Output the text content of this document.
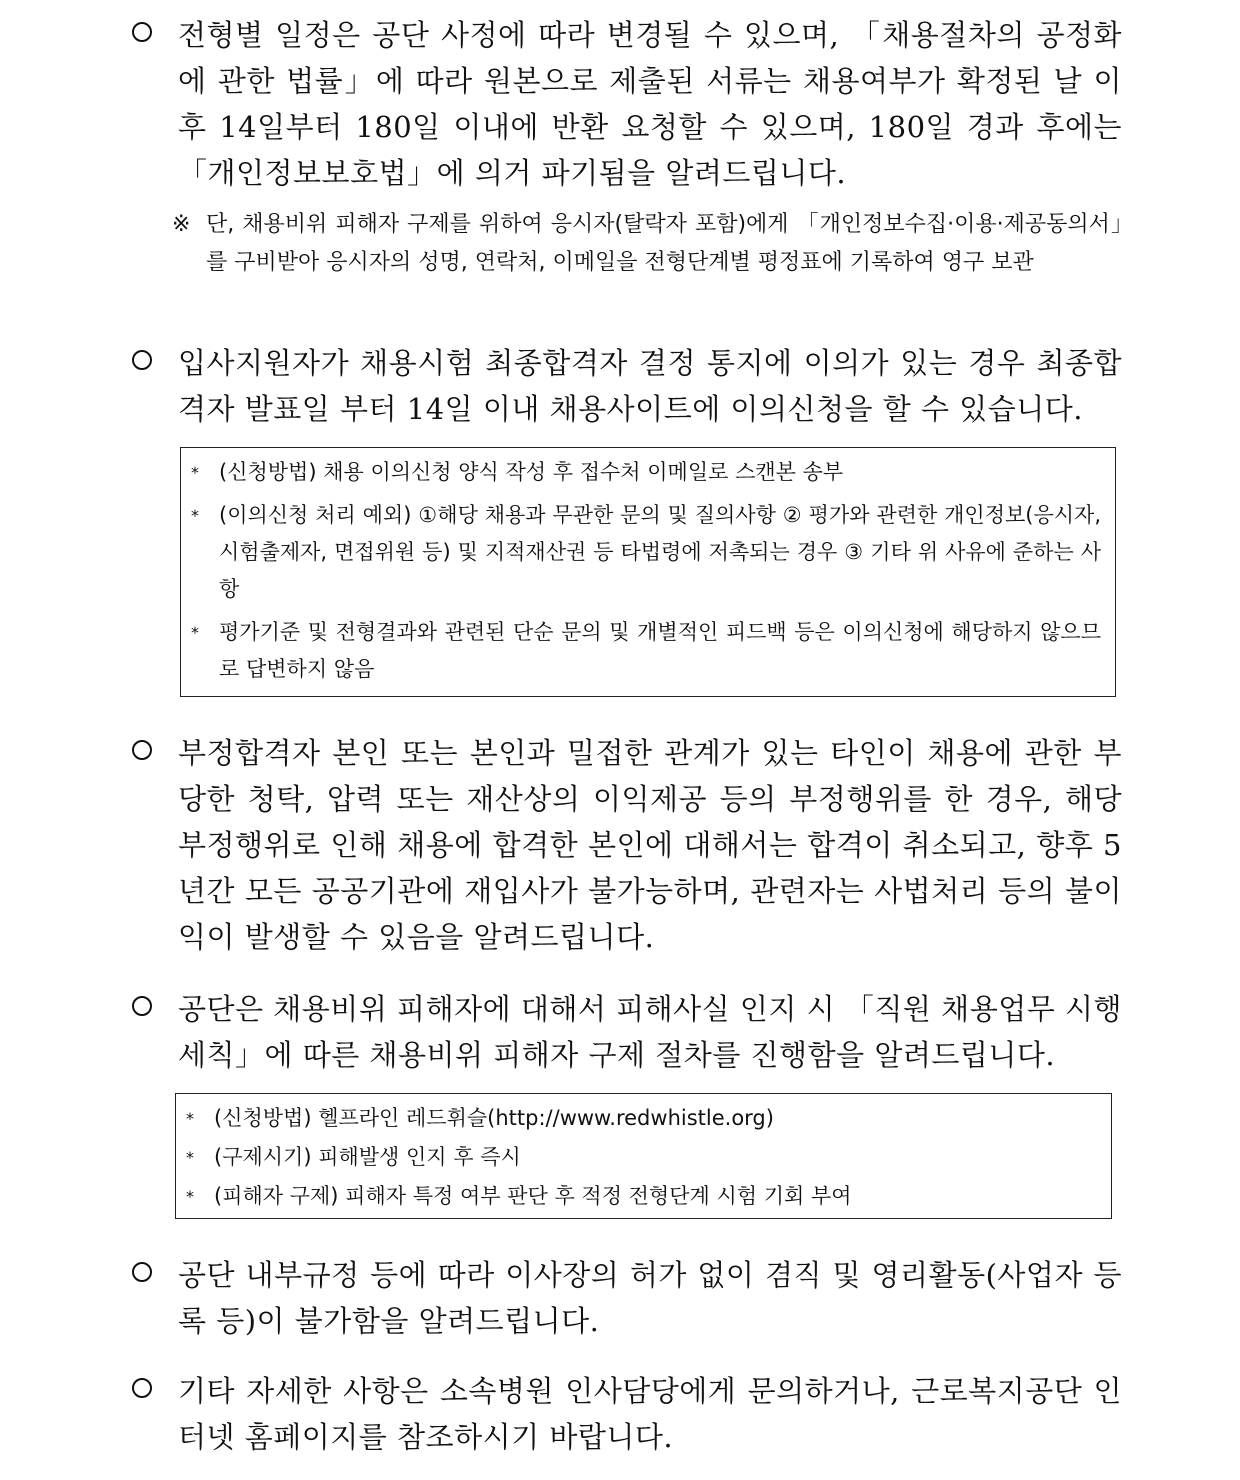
전형별 일정은 공단 사정에 따라 변경될 수 있으며, 「채용절차의 공정화에 관한 법률」에 따라 원본으로 제출된 서류는 채용여부가 확정된 날 이후 14일부터 180일 이내에 반환 요청할 수 있으며, 180일 경과 후에는 「개인정보보호법」에 의거 파기됨을 알려드립니다.
※ 단, 채용비위 피해자 구제를 위하여 응시자(탈락자 포함)에게 「개인정보수집·이용·제공동의서」를 구비받아 응시자의 성명, 연락처, 이메일을 전형단계별 평정표에 기록하여 영구 보관
입사지원자가 채용시험 최종합격자 결정 통지에 이의가 있는 경우 최종합격자 발표일 부터 14일 이내 채용사이트에 이의신청을 할 수 있습니다.
* (신청방법) 채용 이의신청 양식 작성 후 접수처 이메일로 스캔본 송부
* (이의신청 처리 예외) ①해당 채용과 무관한 문의 및 질의사항 ② 평가와 관련한 개인정보(응시자, 시험출제자, 면접위원 등) 및 지적재산권 등 타법령에 저촉되는 경우 ③ 기타 위 사유에 준하는 사항
* 평가기준 및 전형결과와 관련된 단순 문의 및 개별적인 피드백 등은 이의신청에 해당하지 않으므로 답변하지 않음
부정합격자 본인 또는 본인과 밀접한 관계가 있는 타인이 채용에 관한 부당한 청탁, 압력 또는 재산상의 이익제공 등의 부정행위를 한 경우, 해당 부정행위로 인해 채용에 합격한 본인에 대해서는 합격이 취소되고, 향후 5년간 모든 공공기관에 재입사가 불가능하며, 관련자는 사법처리 등의 불이익이 발생할 수 있음을 알려드립니다.
공단은 채용비위 피해자에 대해서 피해사실 인지 시 「직원 채용업무 시행세칙」에 따른 채용비위 피해자 구제 절차를 진행함을 알려드립니다.
* (신청방법) 헬프라인 레드휘슬(http://www.redwhistle.org)
* (구제시기) 피해발생 인지 후 즉시
* (피해자 구제) 피해자 특정 여부 판단 후 적정 전형단계 시험 기회 부여
공단 내부규정 등에 따라 이사장의 허가 없이 겸직 및 영리활동(사업자 등록 등)이 불가함을 알려드립니다.
기타 자세한 사항은 소속병원 인사담당에게 문의하거나, 근로복지공단 인터넷 홈페이지를 참조하시기 바랍니다.
